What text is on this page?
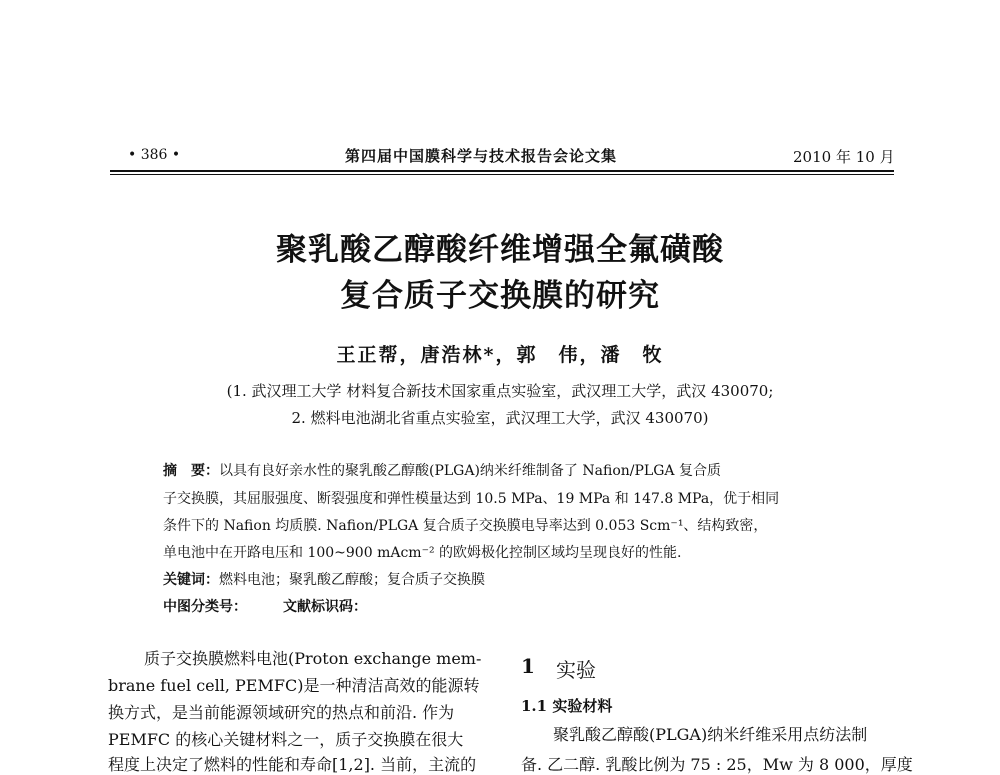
• 386 •	第四届中国膜科学与技术报告会论文集	2010 年 10 月
聚乳酸乙醇酸纤维增强全氟磺酸
复合质子交换膜的研究
王正帮，唐浩林*，郭　伟，潘　牧
(1. 武汉理工大学 材料复合新技术国家重点实验室，武汉理工大学，武汉 430070;
2. 燃料电池湖北省重点实验室，武汉理工大学，武汉 430070)
摘　要：以具有良好亲水性的聚乳酸乙醇酸(PLGA)纳米纤维制备了 Nafion/PLGA 复合质
子交换膜，其屈服强度、断裂强度和弹性模量达到 10.5 MPa、19 MPa 和 147.8 MPa，优于相同
条件下的 Nafion 均质膜. Nafion/PLGA 复合质子交换膜电导率达到 0.053 Scm⁻¹、结构致密，
单电池中在开路电压和 100~900 mAcm⁻² 的欧姆极化控制区域均呈现良好的性能.
关键词：燃料电池；聚乳酸乙醇酸；复合质子交换膜
中图分类号：	文献标识码：
质子交换膜燃料电池(Proton exchange mem-
brane fuel cell, PEMFC)是一种清洁高效的能源转
换方式，是当前能源领域研究的热点和前沿. 作为
PEMFC 的核心关键材料之一，质子交换膜在很大
程度上决定了燃料的性能和寿命[1,2]. 当前，主流的
1 实验
1.1 实验材料
聚乳酸乙醇酸(PLGA)纳米纤维采用点纺法制
备. 乙二醇. 乳酸比例为 75 : 25，Mw 为 8 000，厚度
